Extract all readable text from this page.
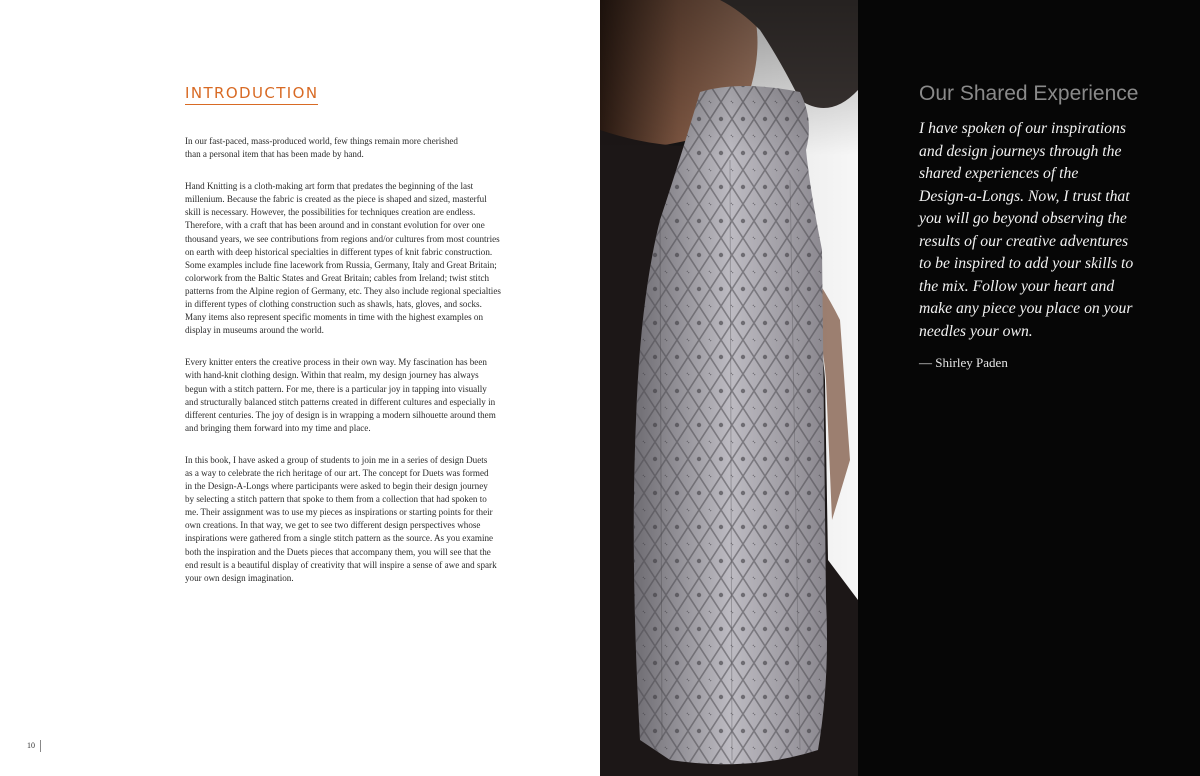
INTRODUCTION

In our fast-paced, mass-produced world, few things remain more cherished
than a personal item that has been made by hand.

Hand Knitting is a cloth-making art form that predates the beginning of the last
millenium. Because the fabric is created as the piece is shaped and sized, masterful
skill is necessary. However, the possibilities for techniques creation are endless.
Therefore, with a craft that has been around and in constant evolution for over one
thousand years, we see contributions from regions and/or cultures from most countries
on earth with deep historical specialties in different types of knit fabric construction.
Some examples include fine lacework from Russia, Germany, Italy and Great Britain;
colorwork from the Baltic States and Great Britain; cables from Ireland; twist stitch
patterns from the Alpine region of Germany, etc. They also include regional specialties
in different types of clothing construction such as shawls, hats, gloves, and socks.
Many items also represent specific moments in time with the highest examples on
display in museums around the world.

Every knitter enters the creative process in their own way. My fascination has been
with hand-knit clothing design. Within that realm, my design journey has always
begun with a stitch pattern. For me, there is a particular joy in tapping into visually
and structurally balanced stitch patterns created in different cultures and especially in
different centuries. The joy of design is in wrapping a modern silhouette around them
and bringing them forward into my time and place.

In this book, I have asked a group of students to join me in a series of design Duets
as a way to celebrate the rich heritage of our art. The concept for Duets was formed
in the Design-A-Longs where participants were asked to begin their design journey
by selecting a stitch pattern that spoke to them from a collection that had spoken to
me. Their assignment was to use my pieces as inspirations or starting points for their
own creations. In that way, we get to see two different design perspectives whose
inspirations were gathered from a single stitch pattern as the source. As you examine
both the inspiration and the Duets pieces that accompany them, you will see that the
end result is a beautiful display of creativity that will inspire a sense of awe and spark
your own design imagination.

10
Our Shared Experience

I have spoken of our inspirations
and design journeys through the
shared experiences of the
Design-a-Longs. Now, I trust that
you will go beyond observing the
results of our creative adventures
to be inspired to add your skills to
the mix. Follow your heart and
make any piece you place on your
needles your own.

— Shirley Paden
